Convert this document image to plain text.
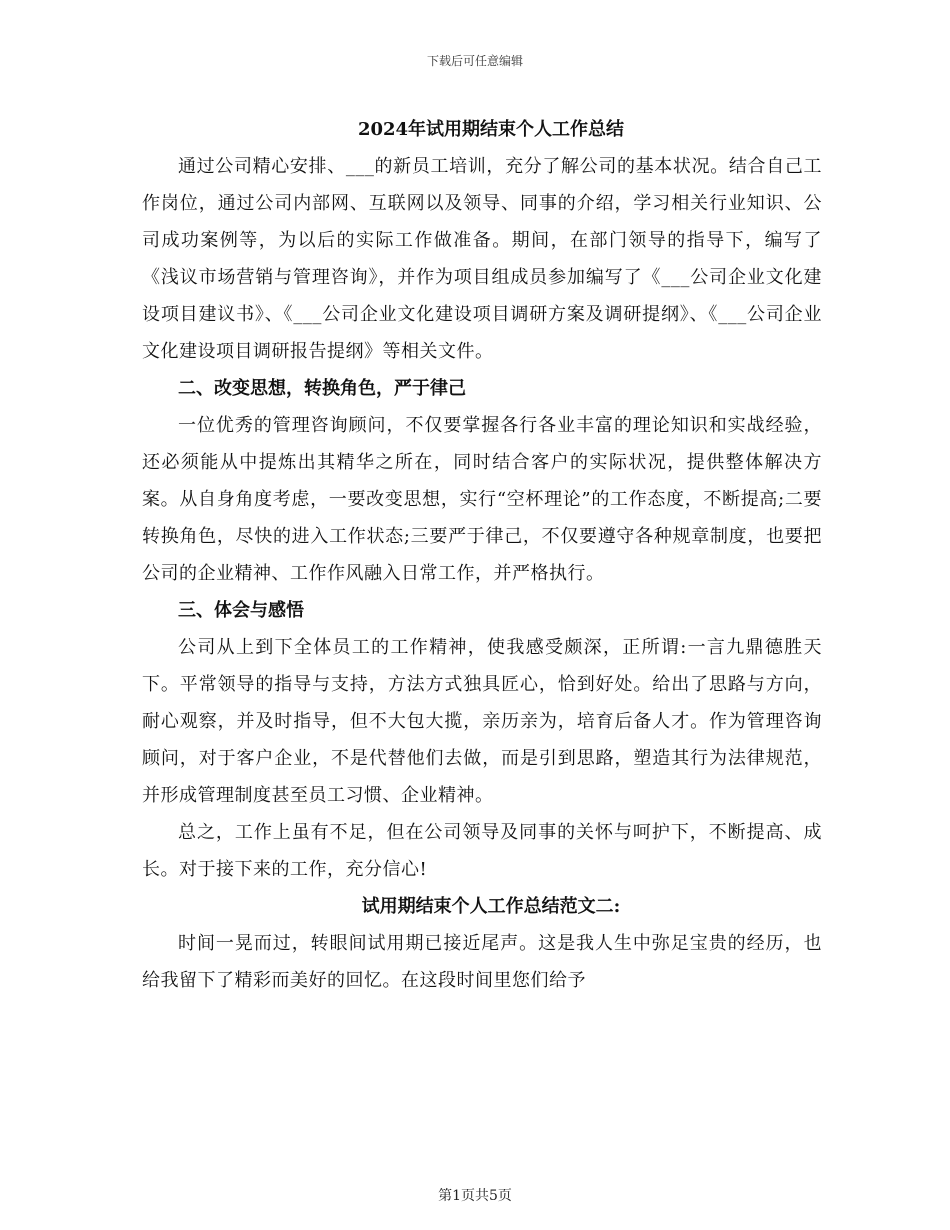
下载后可任意编辑
2024年试用期结束个人工作总结

通过公司精心安排、___的新员工培训，充分了解公司的基本状况。结合自己工作岗位，通过公司内部网、互联网以及领导、同事的介绍，学习相关行业知识、公司成功案例等，为以后的实际工作做准备。期间，在部门领导的指导下，编写了《浅议市场营销与管理咨询》，并作为项目组成员参加编写了《___公司企业文化建设项目建议书》、《___公司企业文化建设项目调研方案及调研提纲》、《___公司企业文化建设项目调研报告提纲》等相关文件。

二、改变思想，转换角色，严于律己

一位优秀的管理咨询顾问，不仅要掌握各行各业丰富的理论知识和实战经验，还必须能从中提炼出其精华之所在，同时结合客户的实际状况，提供整体解决方案。从自身角度考虑，一要改变思想，实行“空杯理论”的工作态度，不断提高;二要转换角色，尽快的进入工作状态;三要严于律己，不仅要遵守各种规章制度，也要把公司的企业精神、工作作风融入日常工作，并严格执行。

三、体会与感悟

公司从上到下全体员工的工作精神，使我感受颇深，正所谓:一言九鼎德胜天下。平常领导的指导与支持，方法方式独具匠心，恰到好处。给出了思路与方向，耐心观察，并及时指导，但不大包大揽，亲历亲为，培育后备人才。作为管理咨询顾问，对于客户企业，不是代替他们去做，而是引到思路，塑造其行为法律规范，并形成管理制度甚至员工习惯、企业精神。

总之，工作上虽有不足，但在公司领导及同事的关怀与呵护下，不断提高、成长。对于接下来的工作，充分信心!

试用期结束个人工作总结范文二:

时间一晃而过，转眼间试用期已接近尾声。这是我人生中弥足宝贵的经历，也给我留下了精彩而美好的回忆。在这段时间里您们给予

第1页共5页
